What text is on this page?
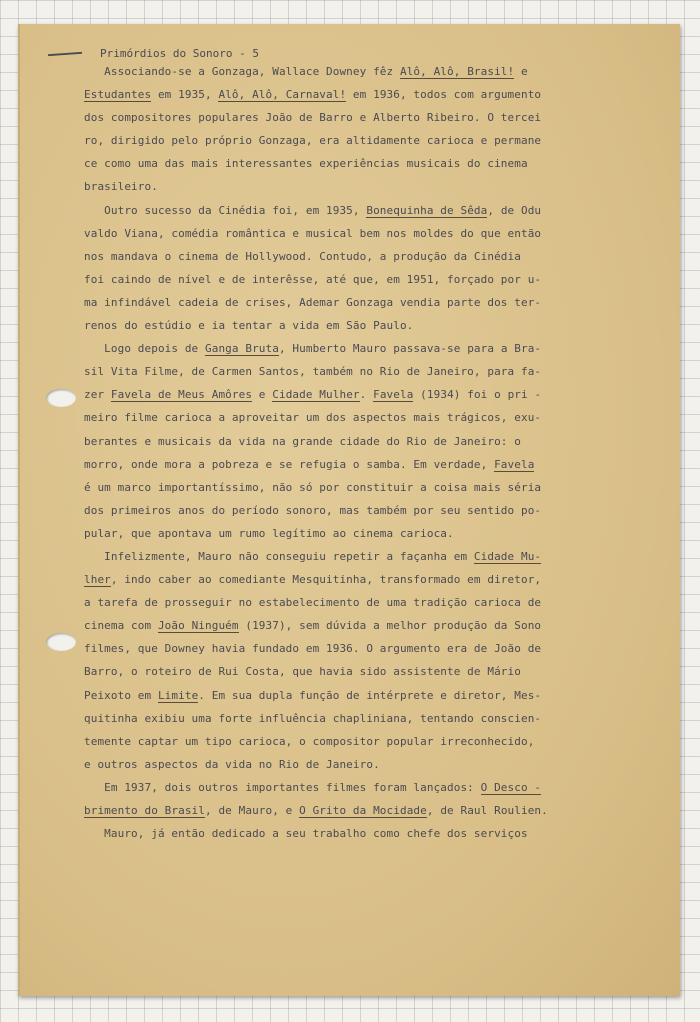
Primórdios do Sonoro - 5
Associando-se a Gonzaga, Wallace Downey fêz Alô, Alô, Brasil! e
Estudantes em 1935, Alô, Alô, Carnaval! em 1936, todos com argumento
dos compositores populares João de Barro e Alberto Ribeiro. O tercei
ro, dirigido pelo próprio Gonzaga, era altidamente carioca e permane
ce como uma das mais interessantes experiências musicais do cinema
brasileiro.
Outro sucesso da Cinédia foi, em 1935, Bonequinha de Sêda, de Odu
valdo Viana, comédia romântica e musical bem nos moldes do que então
nos mandava o cinema de Hollywood. Contudo, a produção da Cinédia
foi caindo de nível e de interêsse, até que, em 1951, forçado por u-
ma infindável cadeia de crises, Ademar Gonzaga vendia parte dos ter-
renos do estúdio e ia tentar a vida em São Paulo.
Logo depois de Ganga Bruta, Humberto Mauro passava-se para a Bra-
sil Vita Filme, de Carmen Santos, também no Rio de Janeiro, para fa-
zer Favela de Meus Amôres e Cidade Mulher. Favela (1934) foi o pri -
meiro filme carioca a aproveitar um dos aspectos mais trágicos, exu-
berantes e musicais da vida na grande cidade do Rio de Janeiro: o
morro, onde mora a pobreza e se refugia o samba. Em verdade, Favela
é um marco importantíssimo, não só por constituir a coisa mais séria
dos primeiros anos do período sonoro, mas também por seu sentido po-
pular, que apontava um rumo legítimo ao cinema carioca.
Infelizmente, Mauro não conseguiu repetir a façanha em Cidade Mu-
lher, indo caber ao comediante Mesquitinha, transformado em diretor,
a tarefa de prosseguir no estabelecimento de uma tradição carioca de
cinema com João Ninguém (1937), sem dúvida a melhor produção da Sono
filmes, que Downey havia fundado em 1936. O argumento era de João de
Barro, o roteiro de Rui Costa, que havia sido assistente de Mário
Peixoto em Limite. Em sua dupla função de intérprete e diretor, Mes-
quitinha exibiu uma forte influência chapliniana, tentando conscien-
temente captar um tipo carioca, o compositor popular irreconhecido,
e outros aspectos da vida no Rio de Janeiro.
Em 1937, dois outros importantes filmes foram lançados: O Desco -
brimento do Brasil, de Mauro, e O Grito da Mocidade, de Raul Roulien.
Mauro, já então dedicado a seu trabalho como chefe dos serviços
